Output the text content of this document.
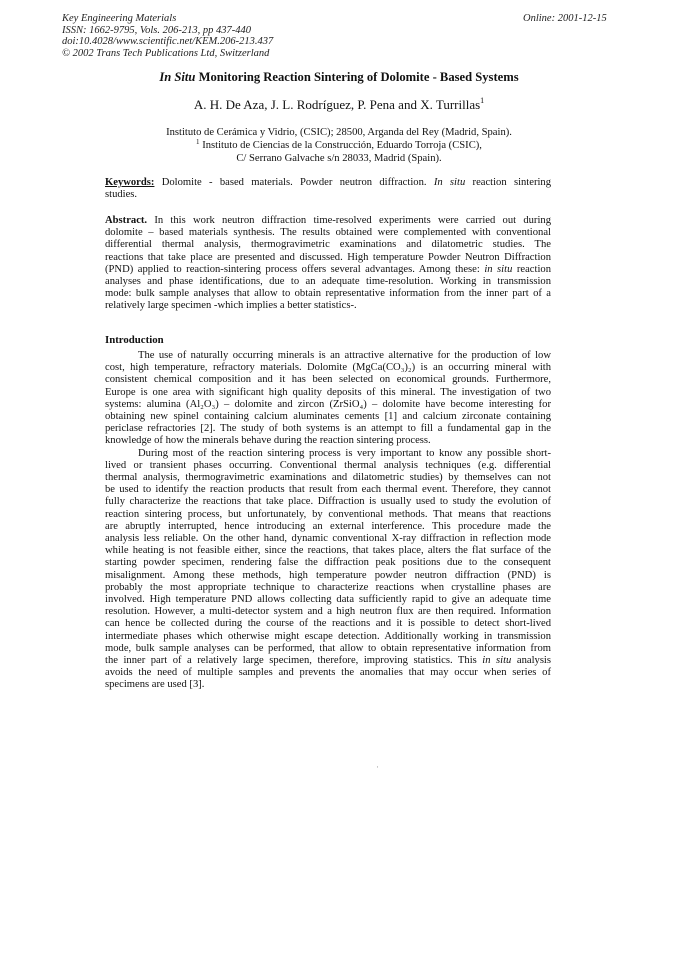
Key Engineering Materials
ISSN: 1662-9795, Vols. 206-213, pp 437-440
doi:10.4028/www.scientific.net/KEM.206-213.437
© 2002 Trans Tech Publications Ltd, Switzerland
Online: 2001-12-15
In Situ Monitoring Reaction Sintering of Dolomite - Based Systems
A. H. De Aza, J. L. Rodríguez, P. Pena and X. Turrillas$^1$
Instituto de Cerámica y Vidrio, (CSIC); 28500, Arganda del Rey (Madrid, Spain).
$^1$ Instituto de Ciencias de la Construcción, Eduardo Torroja (CSIC),
C/ Serrano Galvache s/n 28033, Madrid (Spain).
Keywords: Dolomite - based materials. Powder neutron diffraction. In situ reaction sintering
studies.
Abstract. In this work neutron diffraction time-resolved experiments were carried out during
dolomite – based materials synthesis. The results obtained were complemented with conventional
differential thermal analysis, thermogravimetric examinations and dilatometric studies. The
reactions that take place are presented and discussed. High temperature Powder Neutron Diffraction
(PND) applied to reaction-sintering process offers several advantages. Among these: in situ reaction
analyses and phase identifications, due to an adequate time-resolution. Working in transmission
mode: bulk sample analyses that allow to obtain representative information from the inner part of a
relatively large specimen -which implies a better statistics-.
Introduction
The use of naturally occurring minerals is an attractive alternative for the production of low
cost, high temperature, refractory materials. Dolomite (MgCa(CO₃)₂) is an occurring mineral with
consistent chemical composition and it has been selected on economical grounds. Furthermore,
Europe is one area with significant high quality deposits of this mineral. The investigation of two
systems: alumina (Al₂O₃) – dolomite and zircon (ZrSiO₄) – dolomite have become interesting for
obtaining new spinel containing calcium aluminates cements [1] and calcium zirconate containing
periclase refractories [2]. The study of both systems is an attempt to fill a fundamental gap in the
knowledge of how the minerals behave during the reaction sintering process.
During most of the reaction sintering process is very important to know any possible short-
lived or transient phases occurring. Conventional thermal analysis techniques (e.g. differential
thermal analysis, thermogravimetric examinations and dilatometric studies) by themselves can not
be used to identify the reaction products that result from each thermal event. Therefore, they cannot
fully characterize the reactions that take place. Diffraction is usually used to study the evolution of
reaction sintering process, but unfortunately, by conventional methods. That means that reactions
are abruptly interrupted, hence introducing an external interference. This procedure made the
analysis less reliable. On the other hand, dynamic conventional X-ray diffraction in reflection mode
while heating is not feasible either, since the reactions, that takes place, alters the flat surface of the
starting powder specimen, rendering false the diffraction peak positions due to the consequent
misalignment. Among these methods, high temperature powder neutron diffraction (PND) is
probably the most appropriate technique to characterize reactions when crystalline phases are
involved. High temperature PND allows collecting data sufficiently rapid to give an adequate time
resolution. However, a multi-detector system and a high neutron flux are then required. Information
can hence be collected during the course of the reactions and it is possible to detect short-lived
intermediate phases which otherwise might escape detection. Additionally working in transmission
mode, bulk sample analyses can be performed, that allow to obtain representative information from
the inner part of a relatively large specimen, therefore, improving statistics. This in situ analysis
avoids the need of multiple samples and prevents the anomalies that may occur when series of
specimens are used [3].
·
